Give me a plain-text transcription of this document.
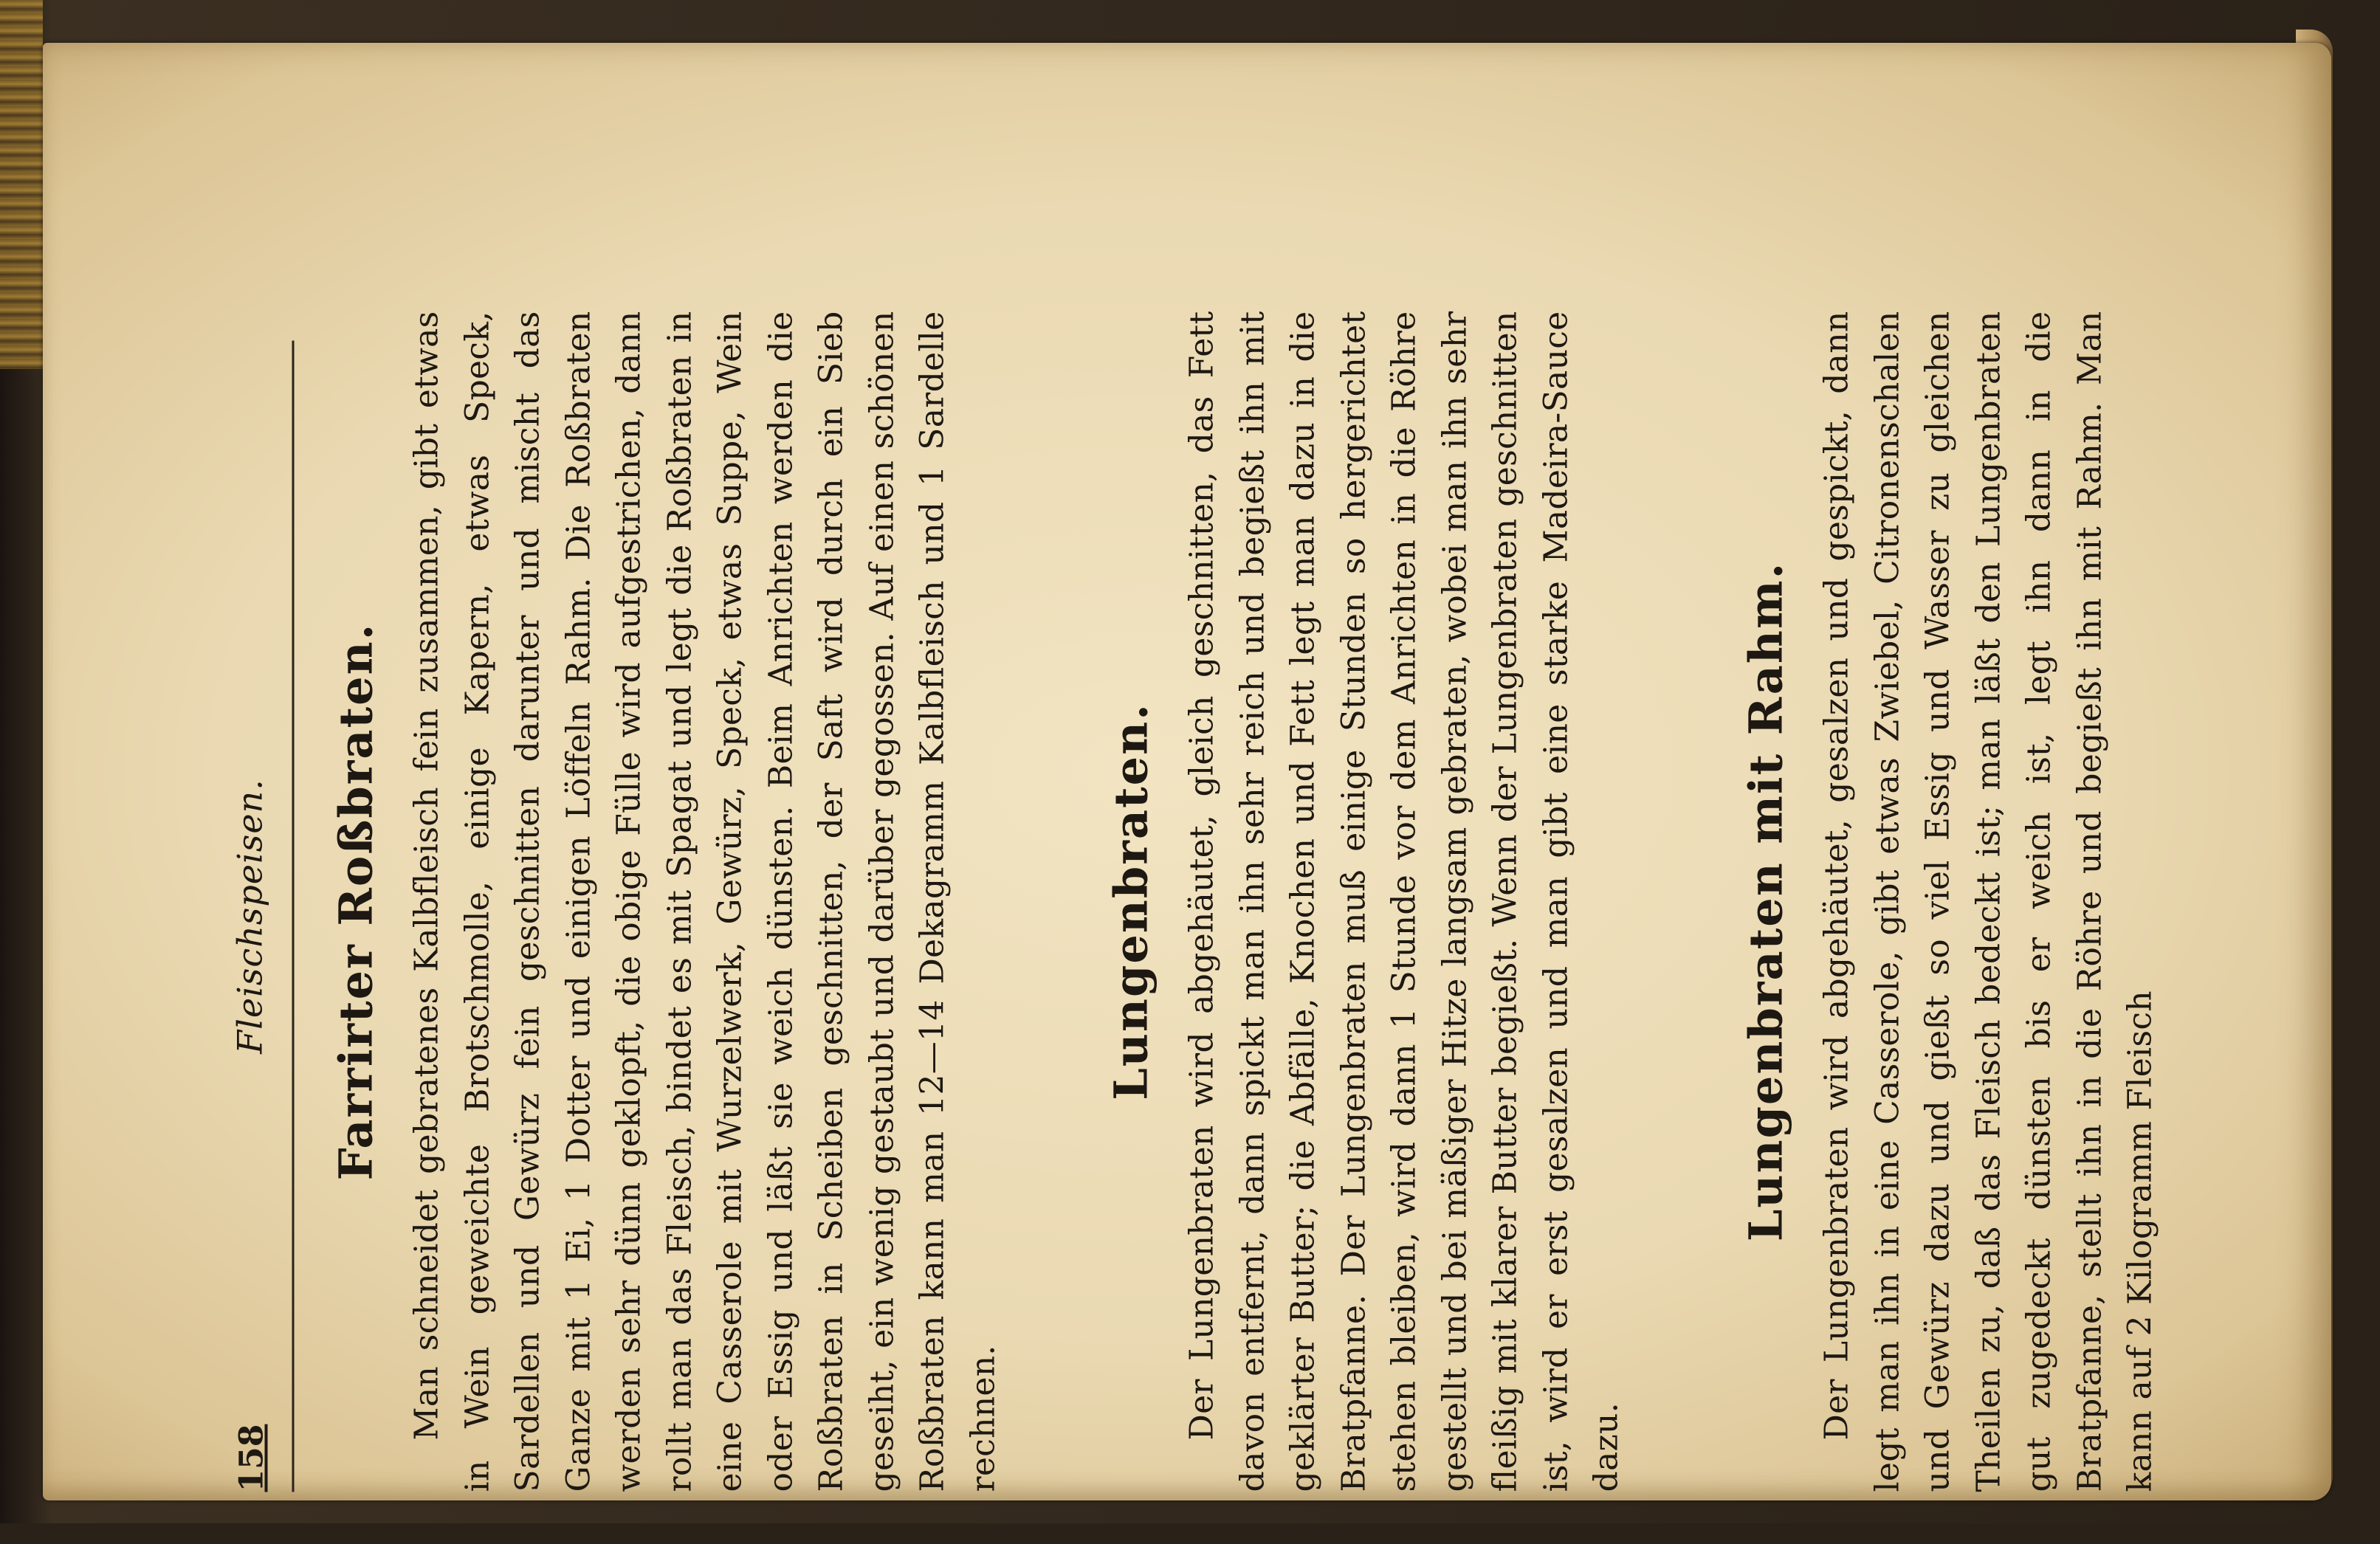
158
Fleischspeisen. Farrirter Roßbraten. Man schneidet gebratenes Kalbfleisch fein zusammen, gibt etwas in Wein geweichte Brotschmolle, einige Kapern, etwas Speck, Sardellen und Gewürz fein geschnitten darunter und mischt das Ganze mit 1 Ei, 1 Dotter und einigen Löffeln Rahm. Die Roßbraten werden sehr dünn geklopft, die obige Fülle wird aufgestrichen, dann rollt man das Fleisch, bindet es mit Spagat und legt die Roßbraten in eine Casserole mit Wurzelwerk, Gewürz, Speck, etwas Suppe, Wein oder Essig und läßt sie weich dünsten. Beim Anrichten werden die Roßbraten in Scheiben geschnitten, der Saft wird durch ein Sieb geseiht, ein wenig gestaubt und darüber gegossen. Auf einen schönen Roßbraten kann man 12—14 Dekagramm Kalbfleisch und 1 Sardelle rechnen.

Lungenbraten. Der Lungenbraten wird abgehäutet, gleich geschnitten, das Fett davon entfernt, dann spickt man ihn sehr reich und begießt ihn mit geklärter Butter; die Abfälle, Knochen und Fett legt man dazu in die Bratpfanne. Der Lungenbraten muß einige Stunden so hergerichtet stehen bleiben, wird dann 1 Stunde vor dem Anrichten in die Röhre gestellt und bei mäßiger Hitze langsam gebraten, wobei man ihn sehr fleißig mit klarer Butter begießt. Wenn der Lungenbraten geschnitten ist, wird er erst gesalzen und man gibt eine starke Madeira-Sauce dazu.

Lungenbraten mit Rahm. Der Lungenbraten wird abgehäutet, gesalzen und gespickt, dann legt man ihn in eine Casserole, gibt etwas Zwiebel, Citronenschalen und Gewürz dazu und gießt so viel Essig und Wasser zu gleichen Theilen zu, daß das Fleisch bedeckt ist; man läßt den Lungenbraten gut zugedeckt dünsten bis er weich ist, legt ihn dann in die Bratpfanne, stellt ihn in die Röhre und begießt ihn mit Rahm. Man kann auf 2 Kilogramm Fleisch
